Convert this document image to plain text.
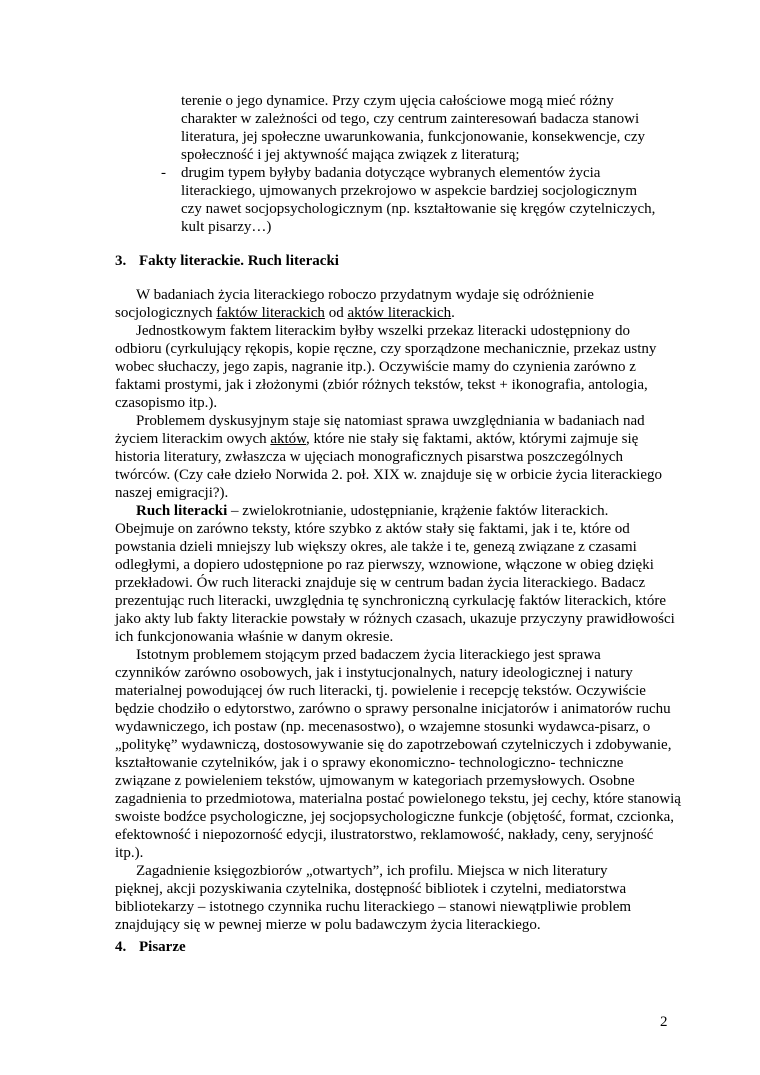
terenie o jego dynamice. Przy czym ujęcia całościowe mogą mieć różny
charakter w zależności od tego, czy centrum zainteresowań badacza stanowi
literatura, jej społeczne uwarunkowania, funkcjonowanie, konsekwencje, czy
społeczność i jej aktywność mająca związek z literaturą;
- drugim typem byłyby badania dotyczące wybranych elementów życia
literackiego, ujmowanych przekrojowo w aspekcie bardziej socjologicznym
czy nawet socjopsychologicznym (np. kształtowanie się kręgów czytelniczych,
kult pisarzy…)
3. Fakty literackie. Ruch literacki
W badaniach życia literackiego roboczo przydatnym wydaje się odróżnienie
socjologicznych faktów literackich od aktów literackich.
Jednostkowym faktem literackim byłby wszelki przekaz literacki udostępniony do
odbioru (cyrkulujący rękopis, kopie ręczne, czy sporządzone mechanicznie, przekaz ustny
wobec słuchaczy, jego zapis, nagranie itp.). Oczywiście mamy do czynienia zarówno z
faktami prostymi, jak i złożonymi (zbiór różnych tekstów, tekst + ikonografia, antologia,
czasopismo itp.).
Problemem dyskusyjnym staje się natomiast sprawa uwzględniania w badaniach nad
życiem literackim owych aktów, które nie stały się faktami, aktów, którymi zajmuje się
historia literatury, zwłaszcza w ujęciach monograficznych pisarstwa poszczególnych
twórców. (Czy całe dzieło Norwida 2. poł. XIX w. znajduje się w orbicie życia literackiego
naszej emigracji?).
Ruch literacki – zwielokrotnianie, udostępnianie, krążenie faktów literackich.
Obejmuje on zarówno teksty, które szybko z aktów stały się faktami, jak i te, które od
powstania dzieli mniejszy lub większy okres, ale także i te, genezą związane z czasami
odległymi, a dopiero udostępnione po raz pierwszy, wznowione, włączone w obieg dzięki
przekładowi. Ów ruch literacki znajduje się w centrum badan życia literackiego. Badacz
prezentując ruch literacki, uwzględnia tę synchroniczną cyrkulację faktów literackich, które
jako akty lub fakty literackie powstały w różnych czasach, ukazuje przyczyny prawidłowości
ich funkcjonowania właśnie w danym okresie.
Istotnym problemem stojącym przed badaczem życia literackiego jest sprawa
czynników zarówno osobowych, jak i instytucjonalnych, natury ideologicznej i natury
materialnej powodującej ów ruch literacki, tj. powielenie i recepcję tekstów. Oczywiście
będzie chodziło o edytorstwo, zarówno o sprawy personalne inicjatorów i animatorów ruchu
wydawniczego, ich postaw (np. mecenasostwo), o wzajemne stosunki wydawca-pisarz, o
„politykę” wydawniczą, dostosowywanie się do zapotrzebowań czytelniczych i zdobywanie,
kształtowanie czytelników, jak i o sprawy ekonomiczno- technologiczno- techniczne
związane z powieleniem tekstów, ujmowanym w kategoriach przemysłowych. Osobne
zagadnienia to przedmiotowa, materialna postać powielonego tekstu, jej cechy, które stanowią
swoiste bodźce psychologiczne, jej socjopsychologiczne funkcje (objętość, format, czcionka,
efektowność i niepozorność edycji, ilustratorstwo, reklamowość, nakłady, ceny, seryjność
itp.).
Zagadnienie księgozbiorów „otwartych”, ich profilu. Miejsca w nich literatury
pięknej, akcji pozyskiwania czytelnika, dostępność bibliotek i czytelni, mediatorstwa
bibliotekarzy – istotnego czynnika ruchu literackiego – stanowi niewątpliwie problem
znajdujący się w pewnej mierze w polu badawczym życia literackiego.
4. Pisarze
2
